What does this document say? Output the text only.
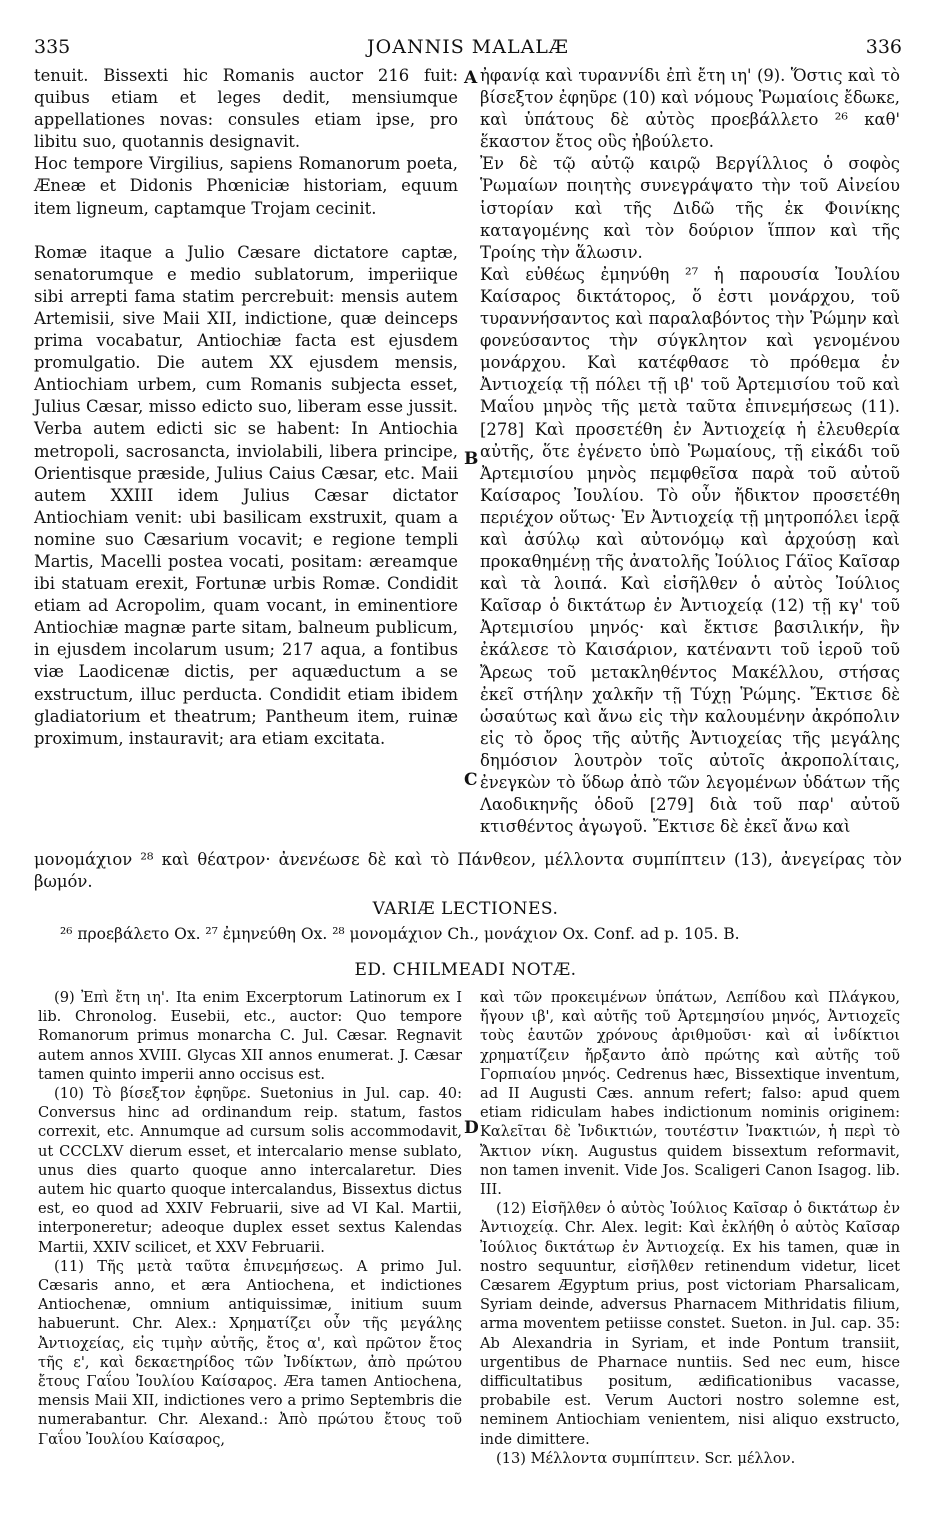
335	JOANNIS MALALÆ	336

tenuit. Bissexti hic Romanis auctor 216 fuit: quibus etiam et leges dedit, mensiumque appellationes novas: consules etiam ipse, pro libitu suo, quotannis designavit.

Hoc tempore Virgilius, sapiens Romanorum poeta, Æneæ et Didonis Phœniciæ historiam, equum item ligneum, captamque Trojam cecinit.

Romæ itaque a Julio Cæsare dictatore captæ, senatorumque e medio sublatorum, imperiique sibi arrepti fama statim percrebuit: mensis autem Artemisii, sive Maii XII, indictione, quæ deinceps prima vocabatur, Antiochiæ facta est ejusdem promulgatio. Die autem XX ejusdem mensis, Antiochiam urbem, cum Romanis subjecta esset, Julius Cæsar, misso edicto suo, liberam esse jussit. Verba autem edicti sic se habent: In Antiochia metropoli, sacrosancta, inviolabili, libera principe, Orientisque præside, Julius Caius Cæsar, etc. Maii autem XXIII idem Julius Cæsar dictator Antiochiam venit: ubi basilicam exstruxit, quam a nomine suo Cæsarium vocavit; e regione templi Martis, Macelli postea vocati, positam: æreamque ibi statuam erexit, Fortunæ urbis Romæ. Condidit etiam ad Acropolim, quam vocant, in eminentiore Antiochiæ magnæ parte sitam, balneum publicum, in ejusdem incolarum usum; 217 aqua, a fontibus viæ Laodicenæ dictis, per aquæductum a se exstructum, illuc perducta. Condidit etiam ibidem gladiatorium et theatrum; Pantheum item, ruinæ proximum, instauravit; ara etiam excitata.

ἠφανίᾳ καὶ τυραννίδι ἐπὶ ἔτη ιη' (9). Ὅστις καὶ τὸ βίσεξτον ἐφηῦρε (10) καὶ νόμους Ῥωμαίοις ἔδωκε, καὶ ὑπάτους δὲ αὐτὸς προεβάλλετο ²⁶ καθ' ἕκαστον ἔτος οὓς ἠβούλετο.

Ἐν δὲ τῷ αὐτῷ καιρῷ Βεργίλλιος ὁ σοφὸς Ῥωμαίων ποιητὴς συνεγράψατο τὴν τοῦ Αἰνείου ἱστορίαν καὶ τῆς Διδῶ τῆς ἐκ Φοινίκης καταγομένης καὶ τὸν δούριον ἵππον καὶ τῆς Τροίης τὴν ἅλωσιν.

Καὶ εὐθέως ἐμηνύθη ²⁷ ἡ παρουσία Ἰουλίου Καίσαρος δικτάτορος, ὅ ἐστι μονάρχου, τοῦ τυραννήσαντος καὶ παραλαβόντος τὴν Ῥώμην καὶ φονεύσαντος τὴν σύγκλητον καὶ γενομένου μονάρχου. Καὶ κατέφθασε τὸ πρόθεμα ἐν Ἀντιοχείᾳ τῇ πόλει τῇ ιβ' τοῦ Ἀρτεμισίου τοῦ καὶ Μαΐου μηνὸς τῆς μετὰ ταῦτα ἐπινεμήσεως (11). [278] Καὶ προσετέθη ἐν Ἀντιοχείᾳ ἡ ἐλευθερία αὐτῆς, ὅτε ἐγένετο ὑπὸ Ῥωμαίους, τῇ εἰκάδι τοῦ Ἀρτεμισίου μηνὸς πεμφθεῖσα παρὰ τοῦ αὐτοῦ Καίσαρος Ἰουλίου. Τὸ οὖν ἤδικτον προσετέθη περιέχον οὕτως· Ἐν Ἀντιοχείᾳ τῇ μητροπόλει ἱερᾷ καὶ ἀσύλῳ καὶ αὐτονόμῳ καὶ ἀρχούσῃ καὶ προκαθημένῃ τῆς ἀνατολῆς Ἰούλιος Γάϊος Καῖσαρ καὶ τὰ λοιπά. Καὶ εἰσῆλθεν ὁ αὐτὸς Ἰούλιος Καῖσαρ ὁ δικτάτωρ ἐν Ἀντιοχείᾳ (12) τῇ κγ' τοῦ Ἀρτεμισίου μηνός· καὶ ἔκτισε βασιλικήν, ἣν ἐκάλεσε τὸ Καισάριον, κατέναντι τοῦ ἱεροῦ τοῦ Ἄρεως τοῦ μετακληθέντος Μακέλλου, στήσας ἐκεῖ στήλην χαλκῆν τῇ Τύχῃ Ῥώμης. Ἔκτισε δὲ ὡσαύτως καὶ ἄνω εἰς τὴν καλουμένην ἀκρόπολιν εἰς τὸ ὄρος τῆς αὐτῆς Ἀντιοχείας τῆς μεγάλης δημόσιον λουτρὸν τοῖς αὐτοῖς ἀκροπολίταις, ἐνεγκὼν τὸ ὕδωρ ἀπὸ τῶν λεγομένων ὑδάτων τῆς Λαοδικηνῆς ὁδοῦ [279] διὰ τοῦ παρ' αὐτοῦ κτισθέντος ἀγωγοῦ. Ἔκτισε δὲ ἐκεῖ ἄνω καὶ

A
B
C
D

μονομάχιον ²⁸ καὶ θέατρον· ἀνενέωσε δὲ καὶ τὸ Πάνθεον, μέλλοντα συμπίπτειν (13), ἀνεγείρας τὸν βωμόν.

VARIÆ LECTIONES.
²⁶ προεβάλετο Ox. ²⁷ ἐμηνεύθη Ox. ²⁸ μονομάχιον Ch., μονάχιον Ox. Conf. ad p. 105. B.
ED. CHILMEADI NOTÆ.

(9) Ἐπὶ ἔτη ιη'. Ita enim Excerptorum Latinorum ex I lib. Chronolog. Eusebii, etc., auctor: Quo tempore Romanorum primus monarcha C. Jul. Cæsar. Regnavit autem annos XVIII. Glycas XII annos enumerat. J. Cæsar tamen quinto imperii anno occisus est.

(10) Τὸ βίσεξτον ἐφηῦρε. Suetonius in Jul. cap. 40: Conversus hinc ad ordinandum reip. statum, fastos correxit, etc. Annumque ad cursum solis accommodavit, ut CCCLXV dierum esset, et intercalario mense sublato, unus dies quarto quoque anno intercalaretur. Dies autem hic quarto quoque intercalandus, Bissextus dictus est, eo quod ad XXIV Februarii, sive ad VI Kal. Martii, interponeretur; adeoque duplex esset sextus Kalendas Martii, XXIV scilicet, et XXV Februarii.

(11) Τῆς μετὰ ταῦτα ἐπινεμήσεως. A primo Jul. Cæsaris anno, et æra Antiochena, et indictiones Antiochenæ, omnium antiquissimæ, initium suum habuerunt. Chr. Alex.: Χρηματίζει οὖν τῆς μεγάλης Ἀντιοχείας, εἰς τιμὴν αὐτῆς, ἔτος α', καὶ πρῶτον ἔτος τῆς ε', καὶ δεκαετηρίδος τῶν Ἰνδίκτων, ἀπὸ πρώτου ἔτους Γαΐου Ἰουλίου Καίσαρος. Æra tamen Antiochena, mensis Maii XII, indictiones vero a primo Septembris die numerabantur. Chr. Alexand.: Ἀπὸ πρώτου ἔτους τοῦ Γαΐου Ἰουλίου Καίσαρος,

καὶ τῶν προκειμένων ὑπάτων, Λεπίδου καὶ Πλάγκου, ἤγουν ιβ', καὶ αὐτῆς τοῦ Ἀρτεμησίου μηνός, Ἀντιοχεῖς τοὺς ἑαυτῶν χρόνους ἀριθμοῦσι· καὶ αἱ ἰνδίκτιοι χρηματίζειν ἤρξαντο ἀπὸ πρώτης καὶ αὐτῆς τοῦ Γορπιαίου μηνός. Cedrenus hæc, Bissextique inventum, ad II Augusti Cæs. annum refert; falso: apud quem etiam ridiculam habes indictionum nominis originem: Καλεῖται δὲ Ἰνδικτιών, τουτέστιν Ἰνακτιών, ἡ περὶ τὸ Ἄκτιον νίκη. Augustus quidem bissextum reformavit, non tamen invenit. Vide Jos. Scaligeri Canon Isagog. lib. III.

(12) Εἰσῆλθεν ὁ αὐτὸς Ἰούλιος Καῖσαρ ὁ δικτάτωρ ἐν Ἀντιοχείᾳ. Chr. Alex. legit: Καὶ ἐκλήθη ὁ αὐτὸς Καῖσαρ Ἰούλιος δικτάτωρ ἐν Ἀντιοχείᾳ. Ex his tamen, quæ in nostro sequuntur, εἰσῆλθεν retinendum videtur, licet Cæsarem Ægyptum prius, post victoriam Pharsalicam, Syriam deinde, adversus Pharnacem Mithridatis filium, arma moventem petiisse constet. Sueton. in Jul. cap. 35: Ab Alexandria in Syriam, et inde Pontum transiit, urgentibus de Pharnace nuntiis. Sed nec eum, hisce difficultatibus positum, ædificationibus vacasse, probabile est. Verum Auctori nostro solemne est, neminem Antiochiam venientem, nisi aliquo exstructo, inde dimittere.

(13) Μέλλοντα συμπίπτειν. Scr. μέλλον.
